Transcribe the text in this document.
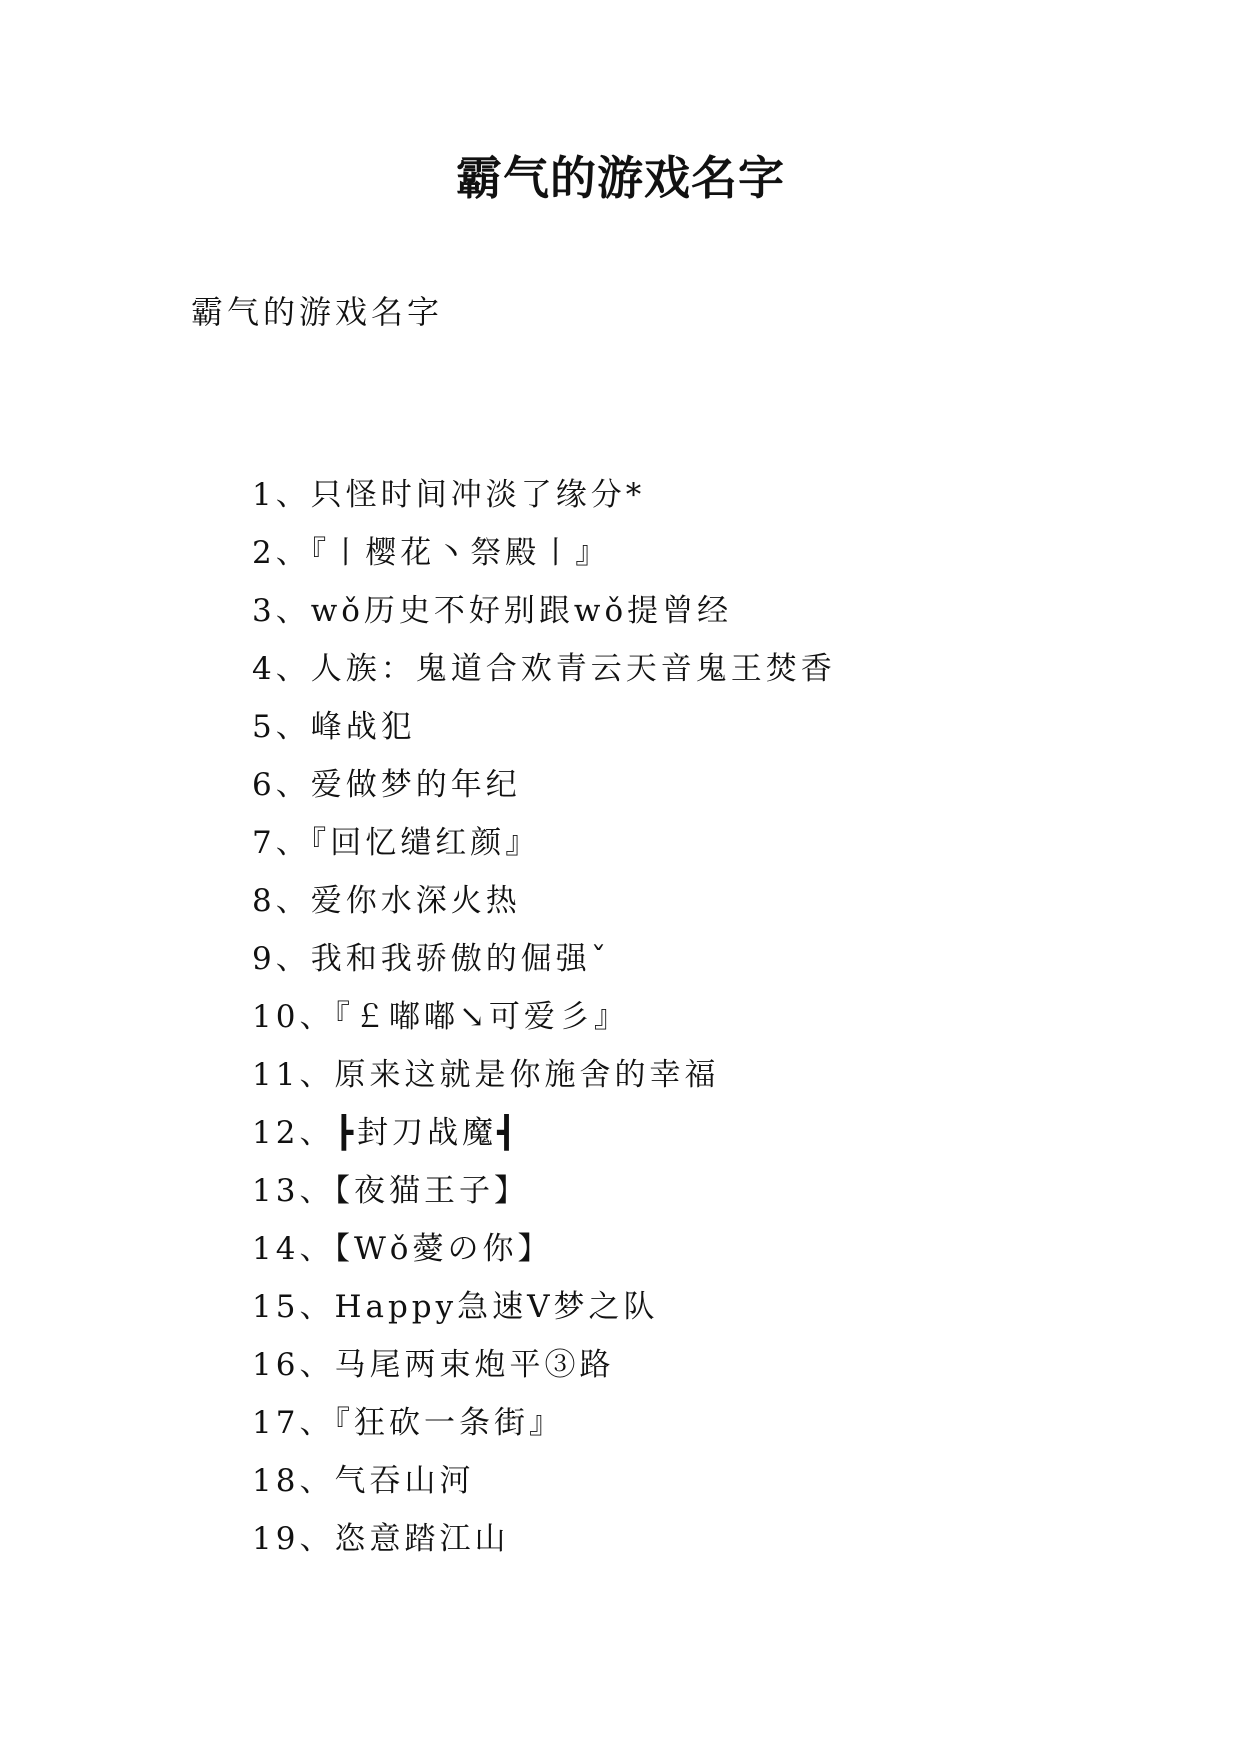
霸气的游戏名字

霸气的游戏名字

1、只怪时间冲淡了缘分*
2、『丨樱花丶祭殿丨』
3、wǒ历史不好别跟wǒ提曾经
4、人族：鬼道合欢青云天音鬼王焚香
5、峰战犯
6、爱做梦的年纪
7、『回忆缱红颜』
8、爱你水深火热
9、我和我骄傲的倔强ˇ
10、『￡嘟嘟↘可爱彡』
11、原来这就是你施舍的幸福
12、┣封刀战魔┫
13、【夜猫王子】
14、【Wǒ薆の你】
15、Happy急速V梦之队
16、马尾两束炮平③路
17、『狂砍一条街』
18、气吞山河
19、恣意踏江山
